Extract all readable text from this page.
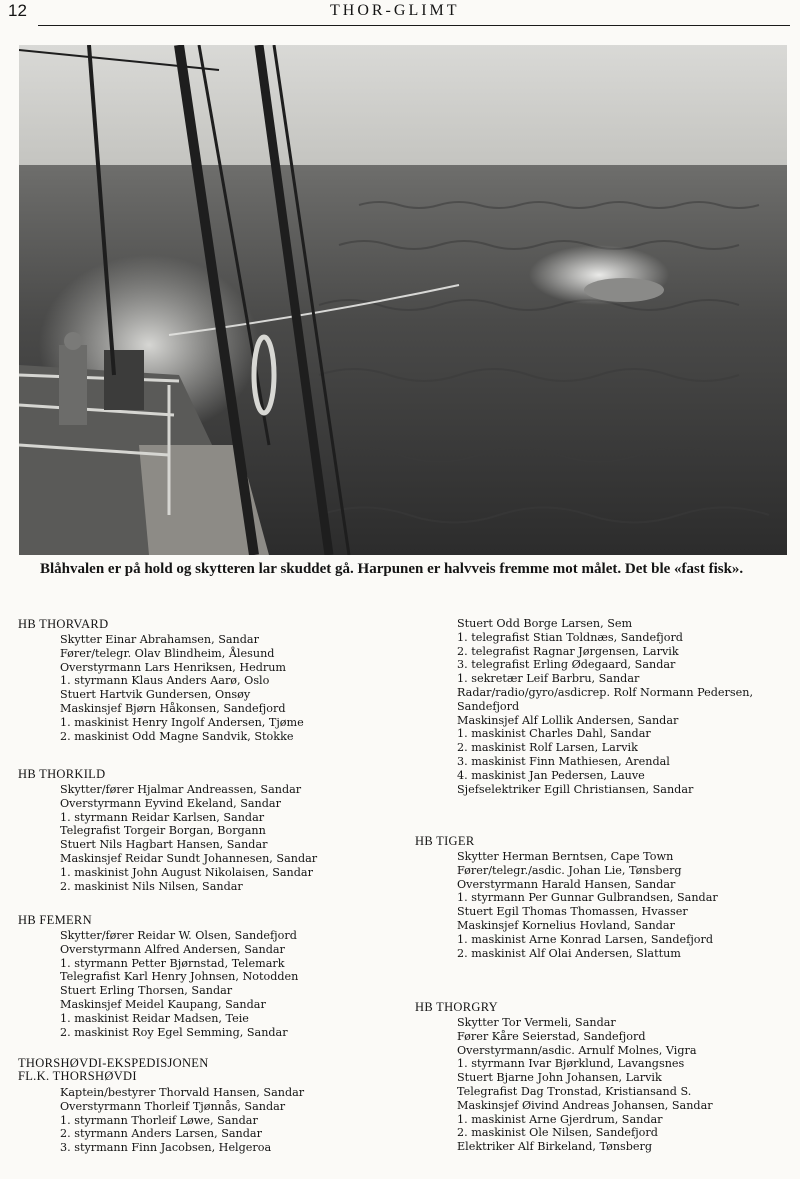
12	THOR-GLIMT
Blåhvalen er på hold og skytteren lar skuddet gå. Harpunen er halvveis fremme mot målet. Det ble «fast fisk».

HB THORVARD

Skytter Einar Abrahamsen, Sandar
Fører/telegr. Olav Blindheim, Ålesund
Overstyrmann Lars Henriksen, Hedrum
1. styrmann Klaus Anders Aarø, Oslo
Stuert Hartvik Gundersen, Onsøy
Maskinsjef Bjørn Håkonsen, Sandefjord
1. maskinist Henry Ingolf Andersen, Tjøme
2. maskinist Odd Magne Sandvik, Stokke

HB THORKILD

Skytter/fører Hjalmar Andreassen, Sandar
Overstyrmann Eyvind Ekeland, Sandar
1. styrmann Reidar Karlsen, Sandar
Telegrafist Torgeir Borgan, Borgann
Stuert Nils Hagbart Hansen, Sandar
Maskinsjef Reidar Sundt Johannesen, Sandar
1. maskinist John August Nikolaisen, Sandar
2. maskinist Nils Nilsen, Sandar

HB FEMERN

Skytter/fører Reidar W. Olsen, Sandefjord
Overstyrmann Alfred Andersen, Sandar
1. styrmann Petter Bjørnstad, Telemark
Telegrafist Karl Henry Johnsen, Notodden
Stuert Erling Thorsen, Sandar
Maskinsjef Meidel Kaupang, Sandar
1. maskinist Reidar Madsen, Teie
2. maskinist Roy Egel Semming, Sandar

THORSHØVDI-EKSPEDISJONEN

FL.K. THORSHØVDI

Kaptein/bestyrer Thorvald Hansen, Sandar
Overstyrmann Thorleif Tjønnås, Sandar
1. styrmann Thorleif Løwe, Sandar
2. styrmann Anders Larsen, Sandar
3. styrmann Finn Jacobsen, Helgeroa
Stuert Odd Borge Larsen, Sem
1. telegrafist Stian Toldnæs, Sandefjord
2. telegrafist Ragnar Jørgensen, Larvik
3. telegrafist Erling Ødegaard, Sandar
1. sekretær Leif Barbru, Sandar
Radar/radio/gyro/asdicrep. Rolf Normann Pedersen,
Sandefjord
Maskinsjef Alf Lollik Andersen, Sandar
1. maskinist Charles Dahl, Sandar
2. maskinist Rolf Larsen, Larvik
3. maskinist Finn Mathiesen, Arendal
4. maskinist Jan Pedersen, Lauve
Sjefselektriker Egill Christiansen, Sandar

HB TIGER

Skytter Herman Berntsen, Cape Town
Fører/telegr./asdic. Johan Lie, Tønsberg
Overstyrmann Harald Hansen, Sandar
1. styrmann Per Gunnar Gulbrandsen, Sandar
Stuert Egil Thomas Thomassen, Hvasser
Maskinsjef Kornelius Hovland, Sandar
1. maskinist Arne Konrad Larsen, Sandefjord
2. maskinist Alf Olai Andersen, Slattum

HB THORGRY

Skytter Tor Vermeli, Sandar
Fører Kåre Seierstad, Sandefjord
Overstyrmann/asdic. Arnulf Molnes, Vigra
1. styrmann Ivar Bjørklund, Lavangsnes
Stuert Bjarne John Johansen, Larvik
Telegrafist Dag Tronstad, Kristiansand S.
Maskinsjef Øivind Andreas Johansen, Sandar
1. maskinist Arne Gjerdrum, Sandar
2. maskinist Ole Nilsen, Sandefjord
Elektriker Alf Birkeland, Tønsberg
